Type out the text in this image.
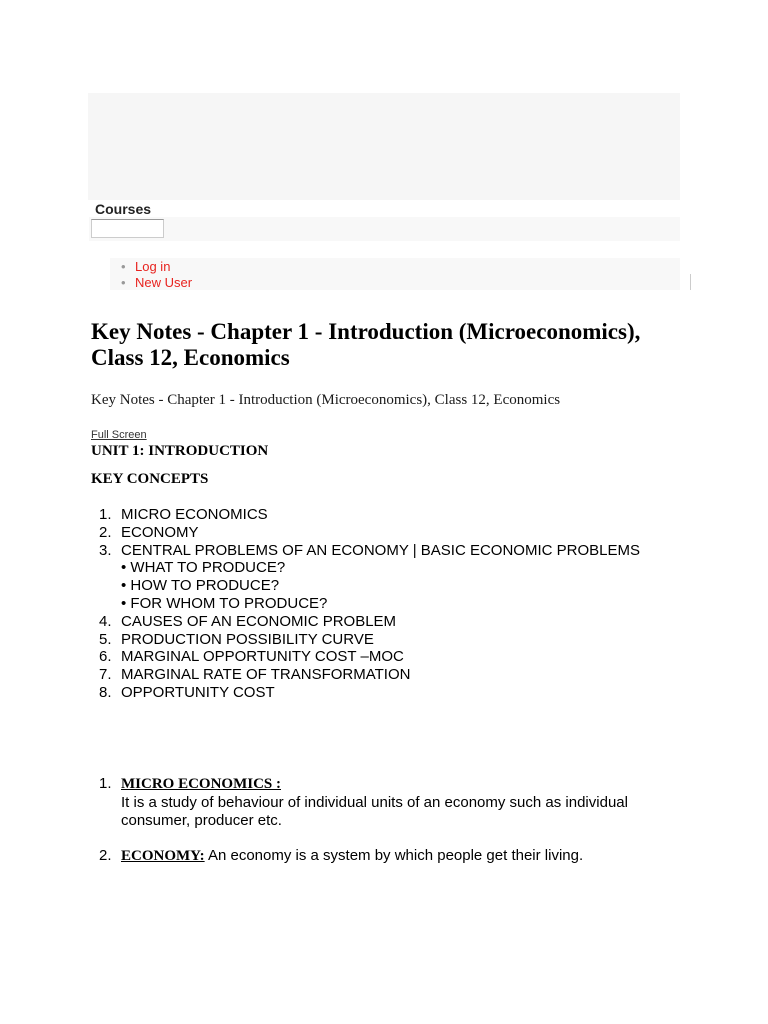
Courses
• Log in
• New User
Key Notes - Chapter 1 - Introduction (Microeconomics), Class 12, Economics

Key Notes - Chapter 1 - Introduction (Microeconomics), Class 12, Economics

Full Screen
UNIT 1: INTRODUCTION
KEY CONCEPTS
1. MICRO ECONOMICS
2. ECONOMY
3. CENTRAL PROBLEMS OF AN ECONOMY | BASIC ECONOMIC PROBLEMS
• WHAT TO PRODUCE?
• HOW TO PRODUCE?
• FOR WHOM TO PRODUCE?
4. CAUSES OF AN ECONOMIC PROBLEM
5. PRODUCTION POSSIBILITY CURVE
6. MARGINAL OPPORTUNITY COST –MOC
7. MARGINAL RATE OF TRANSFORMATION
8. OPPORTUNITY COST
1. MICRO ECONOMICS :
It is a study of behaviour of individual units of an economy such as individual consumer, producer etc.
2. ECONOMY: An economy is a system by which people get their living.
